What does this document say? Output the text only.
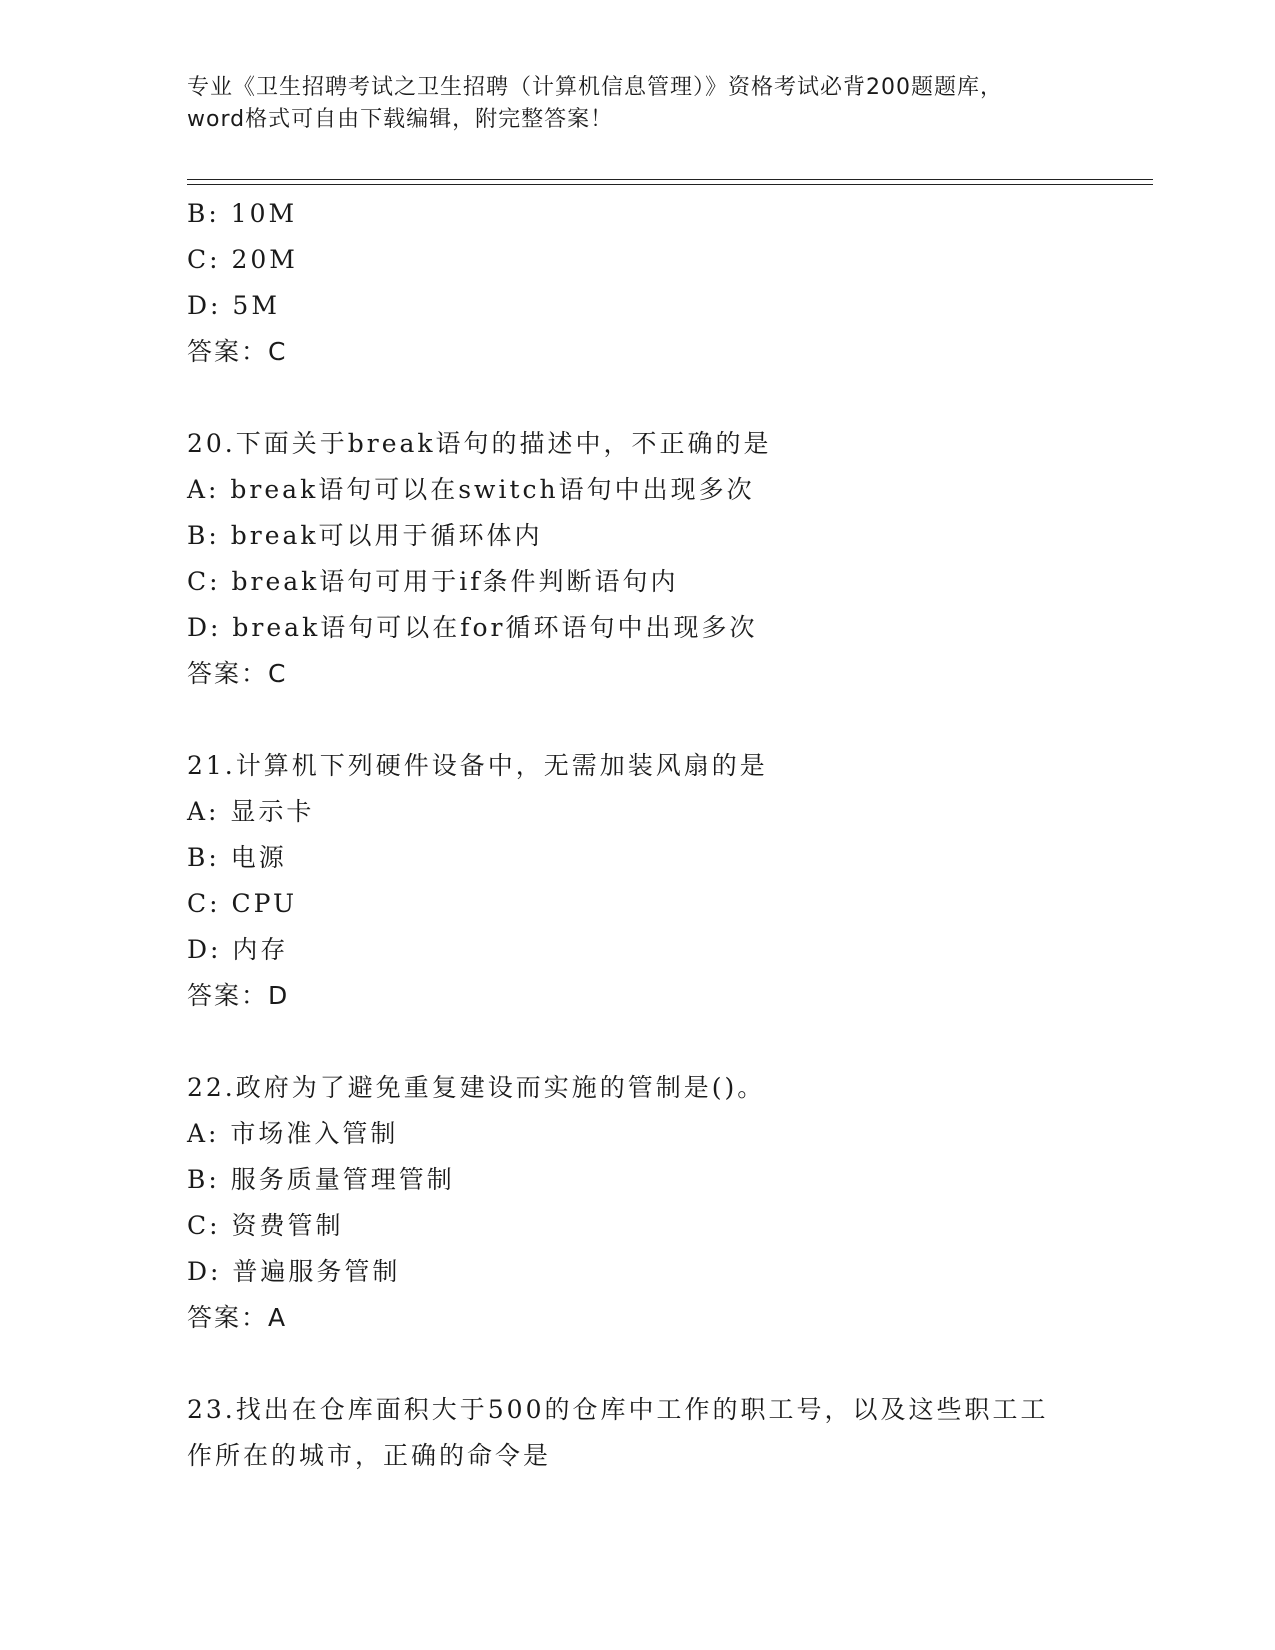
专业《卫生招聘考试之卫生招聘（计算机信息管理）》资格考试必背200题题库，
word格式可自由下载编辑，附完整答案！
B: 10M
C: 20M
D: 5M
答案：C
20.下面关于break语句的描述中，不正确的是
A: break语句可以在switch语句中出现多次
B: break可以用于循环体内
C: break语句可用于if条件判断语句内
D: break语句可以在for循环语句中出现多次
答案：C
21.计算机下列硬件设备中，无需加装风扇的是
A: 显示卡
B: 电源
C: CPU
D: 内存
答案：D
22.政府为了避免重复建设而实施的管制是()。
A: 市场准入管制
B: 服务质量管理管制
C: 资费管制
D: 普遍服务管制
答案：A
23.找出在仓库面积大于500的仓库中工作的职工号，以及这些职工工
作所在的城市，正确的命令是
